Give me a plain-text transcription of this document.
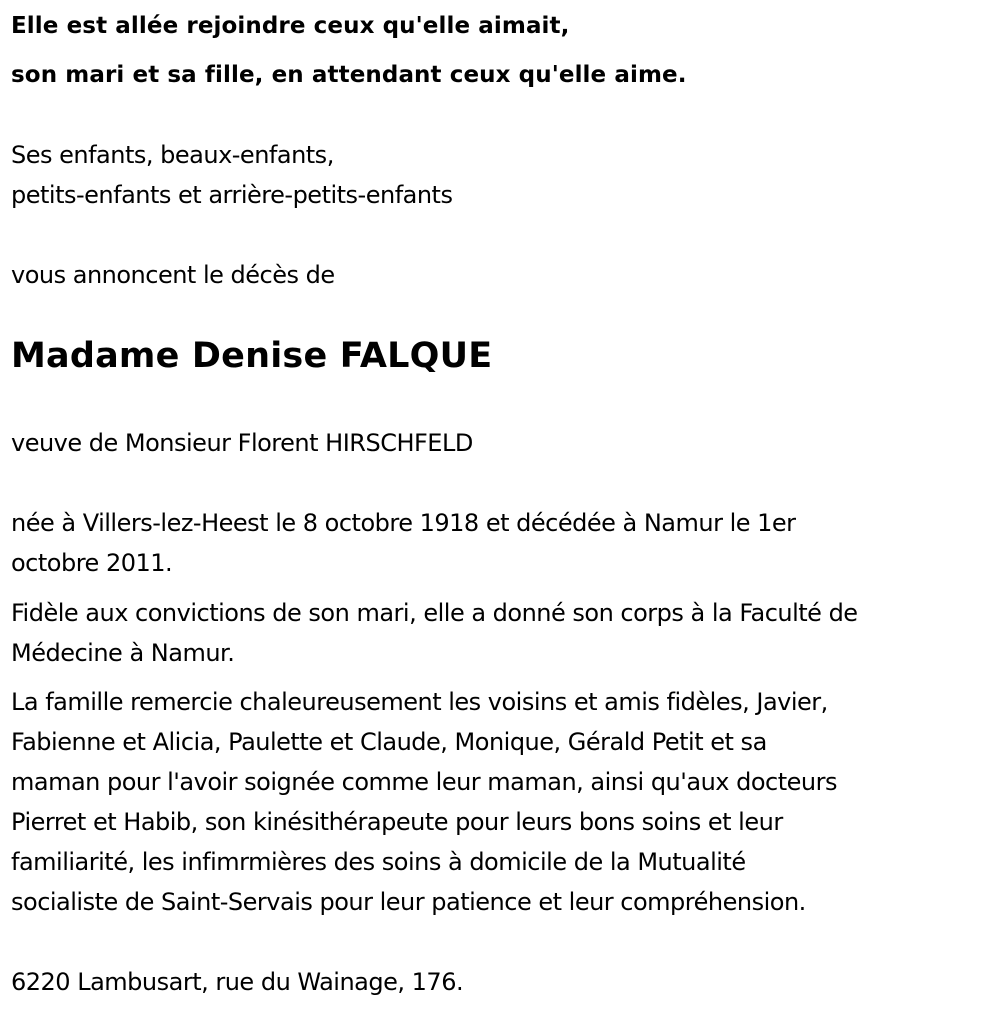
Elle est allée rejoindre ceux qu'elle aimait,
son mari et sa fille, en attendant ceux qu'elle aime.
Ses enfants, beaux-enfants,
petits-enfants et arrière-petits-enfants
vous annoncent le décès de
Madame Denise FALQUE
veuve de Monsieur Florent HIRSCHFELD
née à Villers-lez-Heest le 8 octobre 1918 et décédée à Namur le 1er
octobre 2011.
Fidèle aux convictions de son mari, elle a donné son corps à la Faculté de
Médecine à Namur.
La famille remercie chaleureusement les voisins et amis fidèles, Javier,
Fabienne et Alicia, Paulette et Claude, Monique, Gérald Petit et sa
maman pour l'avoir soignée comme leur maman, ainsi qu'aux docteurs
Pierret et Habib, son kinésithérapeute pour leurs bons soins et leur
familiarité, les infimrmières des soins à domicile de la Mutualité
socialiste de Saint-Servais pour leur patience et leur compréhension.
6220 Lambusart, rue du Wainage, 176.
